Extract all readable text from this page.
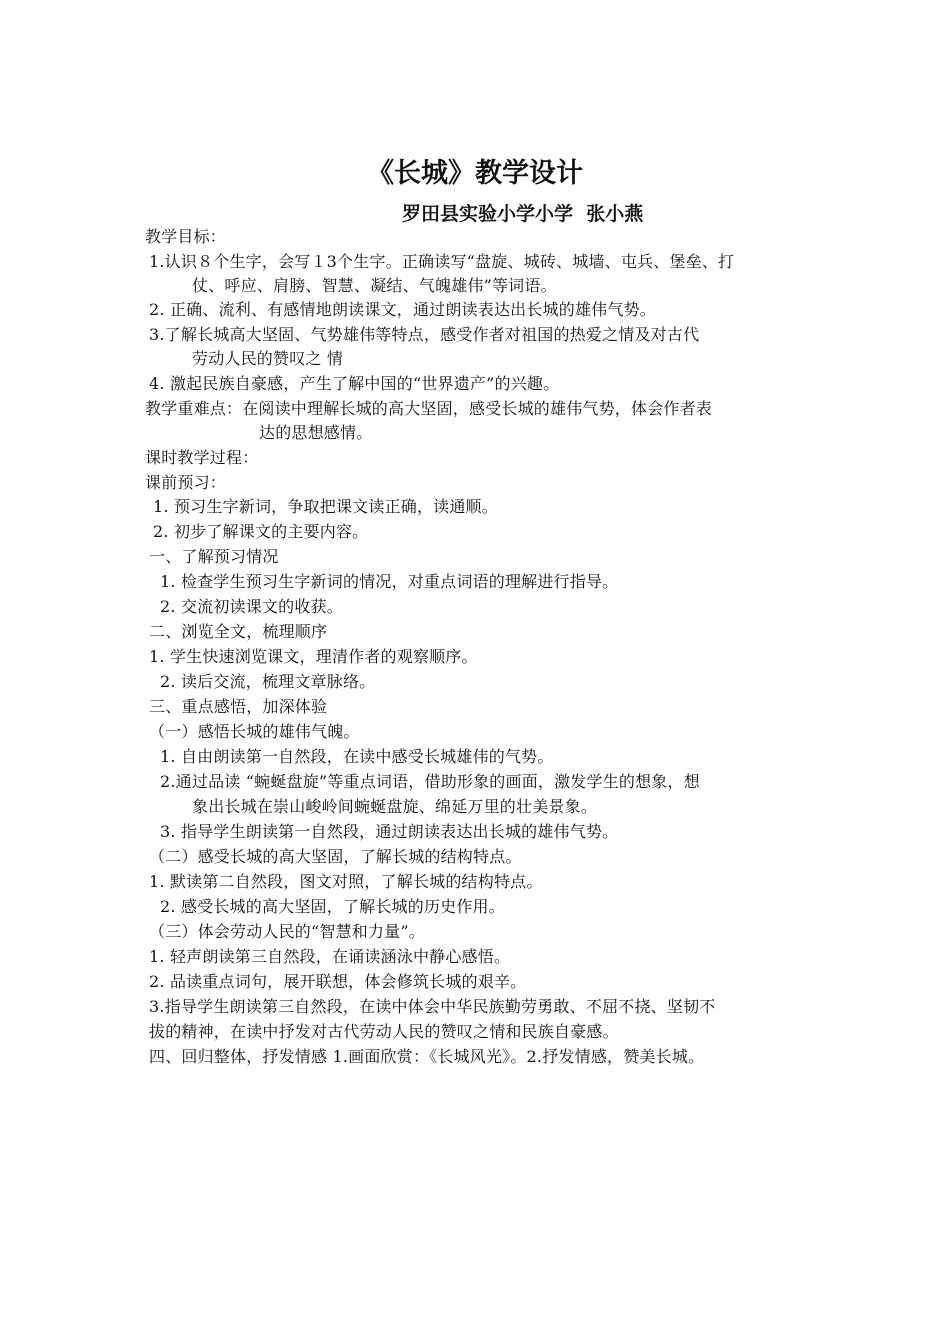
《长城》教学设计
罗田县实验小学小学  张小燕
教学目标：
1.认识８个生字，会写１3个生字。正确读写“盘旋、城砖、城墙、屯兵、堡垒、打
仗、呼应、肩膀、智慧、凝结、气魄雄伟”等词语。
2. 正确、流利、有感情地朗读课文，通过朗读表达出长城的雄伟气势。
3.了解长城高大坚固、气势雄伟等特点，感受作者对祖国的热爱之情及对古代
劳动人民的赞叹之 情
4. 激起民族自豪感，产生了解中国的“世界遗产”的兴趣。
教学重难点：在阅读中理解长城的高大坚固，感受长城的雄伟气势，体会作者表
达的思想感情。
课时教学过程：
课前预习：
1. 预习生字新词，争取把课文读正确，读通顺。
2. 初步了解课文的主要内容。
一、了解预习情况
1. 检查学生预习生字新词的情况，对重点词语的理解进行指导。
2. 交流初读课文的收获。
二、浏览全文，梳理顺序
1. 学生快速浏览课文，理清作者的观察顺序。
2. 读后交流，梳理文章脉络。
三、重点感悟，加深体验
（一）感悟长城的雄伟气魄。
1. 自由朗读第一自然段，在读中感受长城雄伟的气势。
2.通过品读 “蜿蜒盘旋”等重点词语，借助形象的画面，激发学生的想象，想
象出长城在崇山峻岭间蜿蜒盘旋、绵延万里的壮美景象。
3. 指导学生朗读第一自然段，通过朗读表达出长城的雄伟气势。
（二）感受长城的高大坚固，了解长城的结构特点。
1. 默读第二自然段，图文对照，了解长城的结构特点。
2. 感受长城的高大坚固，了解长城的历史作用。
（三）体会劳动人民的“智慧和力量”。
1. 轻声朗读第三自然段，在诵读涵泳中静心感悟。
2. 品读重点词句，展开联想，体会修筑长城的艰辛。
3.指导学生朗读第三自然段，在读中体会中华民族勤劳勇敢、不屈不挠、坚韧不
拔的精神，在读中抒发对古代劳动人民的赞叹之情和民族自豪感。
四、回归整体，抒发情感 1.画面欣赏：《长城风光》。2.抒发情感，赞美长城。
